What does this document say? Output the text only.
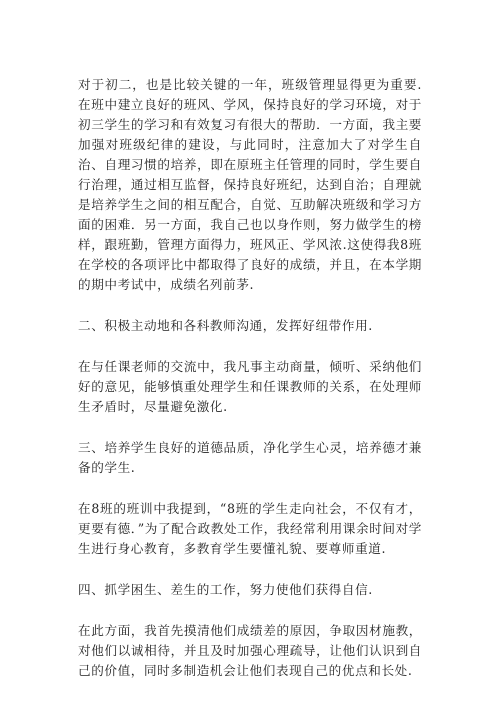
对于初二，也是比较关键的一年，班级管理显得更为重要.在班中建立良好的班风、学风，保持良好的学习环境，对于初三学生的学习和有效复习有很大的帮助．一方面，我主要加强对班级纪律的建设，与此同时，注意加大了对学生自治、自理习惯的培养，即在原班主任管理的同时，学生要自行治理，通过相互监督，保持良好班纪，达到自治；自理就是培养学生之间的相互配合，自觉、互助解决班级和学习方面的困难．另一方面，我自己也以身作则，努力做学生的榜样，跟班勤，管理方面得力，班风正、学风浓.这使得我8班在学校的各项评比中都取得了良好的成绩，并且，在本学期的期中考试中，成绩名列前茅.

二、积极主动地和各科教师沟通，发挥好纽带作用.

在与任课老师的交流中，我凡事主动商量，倾听、采纳他们好的意见，能够慎重处理学生和任课教师的关系，在处理师生矛盾时，尽量避免激化.

三、培养学生良好的道德品质，净化学生心灵，培养德才兼备的学生.

在8班的班训中我提到，“8班的学生走向社会，不仅有才，更要有德．”为了配合政教处工作，我经常利用课余时间对学生进行身心教育，多教育学生要懂礼貌、要尊师重道.

四、抓学困生、差生的工作，努力使他们获得自信.

在此方面，我首先摸清他们成绩差的原因，争取因材施教，对他们以诚相待，并且及时加强心理疏导，让他们认识到自己的价值，同时多制造机会让他们表现自己的优点和长处.
